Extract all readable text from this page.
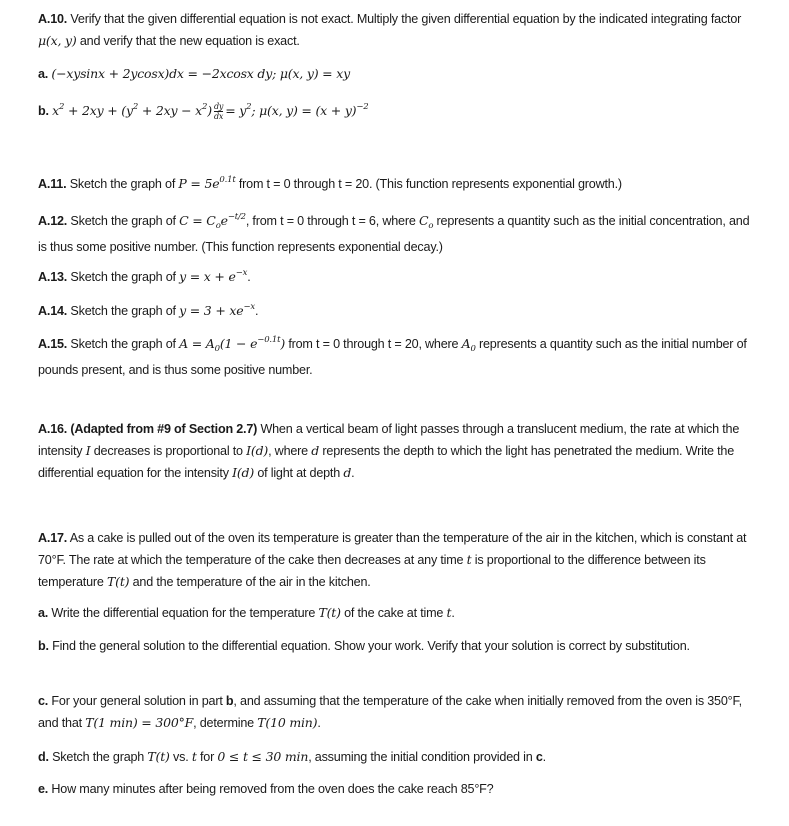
A.10. Verify that the given differential equation is not exact. Multiply the given differential equation by the indicated integrating factor μ(x, y) and verify that the new equation is exact.
a. (−xysinx + 2ycosx)dx = −2xcosx dy; μ(x, y) = xy
b. $x^2 + 2xy + (y^2 + 2xy - x^2) \frac{dy}{dx} = y^2$; μ(x, $y) = (x + y)^{-2}$
A.11. Sketch the graph of $P = 5e^{0.1t}$ from t = 0 through t = 20. (This function represents exponential growth.)
A.12. Sketch the graph of $C = C_oe^{-t/2}$, from t = 0 through t = 6, where $C_o$ represents a quantity such as the initial concentration, and is thus some positive number. (This function represents exponential decay.)
A.13. Sketch the graph of $y = x + e^{-x}$.
A.14. Sketch the graph of $y = 3 + xe^{-x}$.
A.15. Sketch the graph of $A = A_0(1 - e^{-0.1t})$ from t = 0 through t = 20, where $A_0$ represents a quantity such as the initial number of pounds present, and is thus some positive number.
A.16. (Adapted from #9 of Section 2.7) When a vertical beam of light passes through a translucent medium, the rate at which the intensity I decreases is proportional to I(d), where d represents the depth to which the light has penetrated the medium. Write the differential equation for the intensity I(d) of light at depth d.
A.17. As a cake is pulled out of the oven its temperature is greater than the temperature of the air in the kitchen, which is constant at 70°F. The rate at which the temperature of the cake then decreases at any time t is proportional to the difference between its temperature T(t) and the temperature of the air in the kitchen.
a. Write the differential equation for the temperature T(t) of the cake at time t.
b. Find the general solution to the differential equation. Show your work. Verify that your solution is correct by substitution.
c. For your general solution in part b, and assuming that the temperature of the cake when initially removed from the oven is 350°F, and that T(1 min) = 300°F, determine T(10 min).
d. Sketch the graph T(t) vs. t for 0 ≤ t ≤ 30 min, assuming the initial condition provided in c.
e. How many minutes after being removed from the oven does the cake reach 85°F?
